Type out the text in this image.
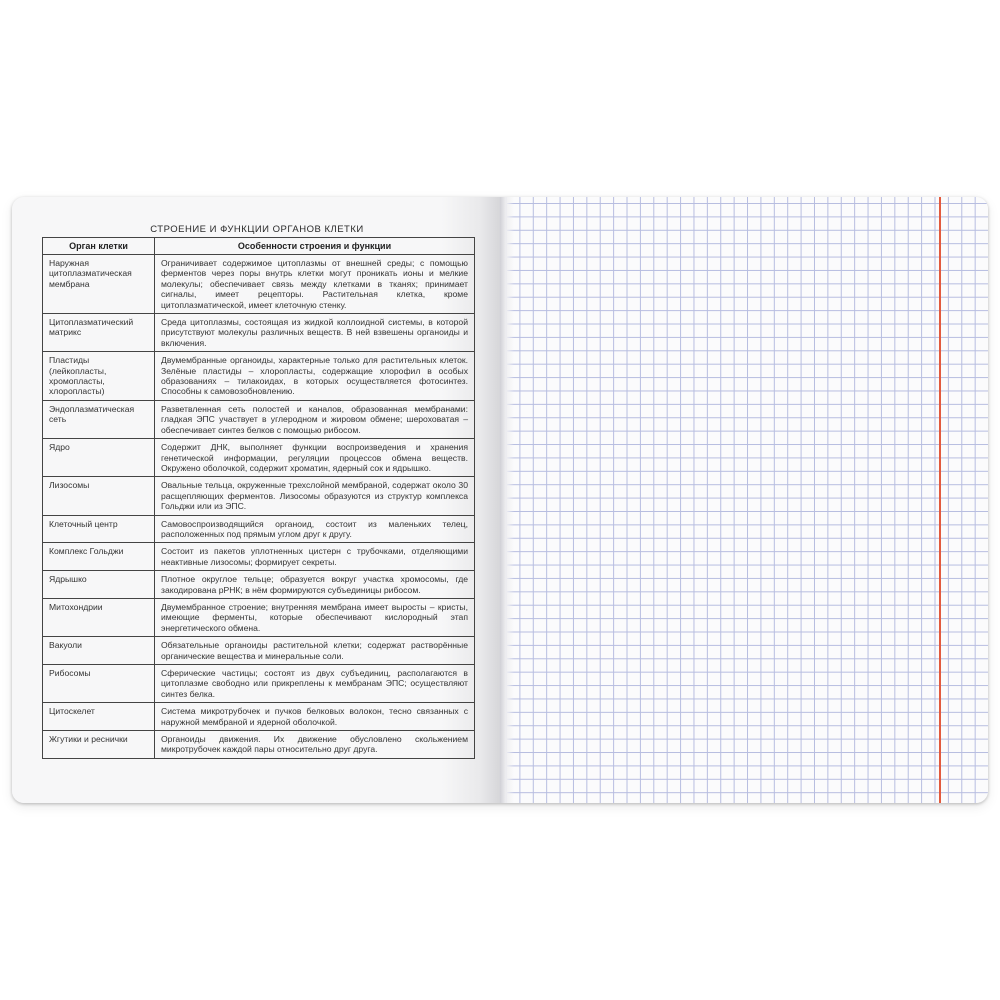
СТРОЕНИЕ И ФУНКЦИИ ОРГАНОВ КЛЕТКИ
Орган клетки	Особенности строения и функции
Наружная цитоплазматическая мембрана	Ограничивает содержимое цитоплазмы от внешней среды; с помощью ферментов через поры внутрь клетки могут проникать ионы и мелкие молекулы; обеспечивает связь между клетками в тканях; принимает сигналы, имеет рецепторы. Растительная клетка, кроме цитоплазматической, имеет клеточную стенку.
Цитоплазматический матрикс	Среда цитоплазмы, состоящая из жидкой коллоидной системы, в которой присутствуют молекулы различных веществ. В ней взвешены органоиды и включения.
Пластиды (лейкопласты, хромопласты, хлоропласты)	Двумембранные органоиды, характерные только для растительных клеток. Зелёные пластиды – хлоропласты, содержащие хлорофил в особых образованиях – тилакоидах, в которых осуществляется фотосинтез. Способны к самовозобновлению.
Эндоплазматическая сеть	Разветвленная сеть полостей и каналов, образованная мембранами: гладкая ЭПС участвует в углеродном и жировом обмене; шероховатая – обеспечивает синтез белков с помощью рибосом.
Ядро	Содержит ДНК, выполняет функции воспроизведения и хранения генетической информации, регуляции процессов обмена веществ. Окружено оболочкой, содержит хроматин, ядерный сок и ядрышко.
Лизосомы	Овальные тельца, окруженные трехслойной мембраной, содержат около 30 расщепляющих ферментов. Лизосомы образуются из структур комплекса Гольджи или из ЭПС.
Клеточный центр	Самовоспроизводящийся органоид, состоит из маленьких телец, расположенных под прямым углом друг к другу.
Комплекс Гольджи	Состоит из пакетов уплотненных цистерн с трубочками, отделяющими неактивные лизосомы; формирует секреты.
Ядрышко	Плотное округлое тельце; образуется вокруг участка хромосомы, где закодирована рРНК; в нём формируются субъединицы рибосом.
Митохондрии	Двумембранное строение; внутренняя мембрана имеет выросты – кристы, имеющие ферменты, которые обеспечивают кислородный этап энергетического обмена.
Вакуоли	Обязательные органоиды растительной клетки; содержат растворённые органические вещества и минеральные соли.
Рибосомы	Сферические частицы; состоят из двух субъединиц, располагаются в цитоплазме свободно или прикреплены к мембранам ЭПС; осуществляют синтез белка.
Цитоскелет	Система микротрубочек и пучков белковых волокон, тесно связанных с наружной мембраной и ядерной оболочкой.
Жгутики и реснички	Органоиды движения. Их движение обусловлено скольжением микротрубочек каждой пары относительно друг друга.
